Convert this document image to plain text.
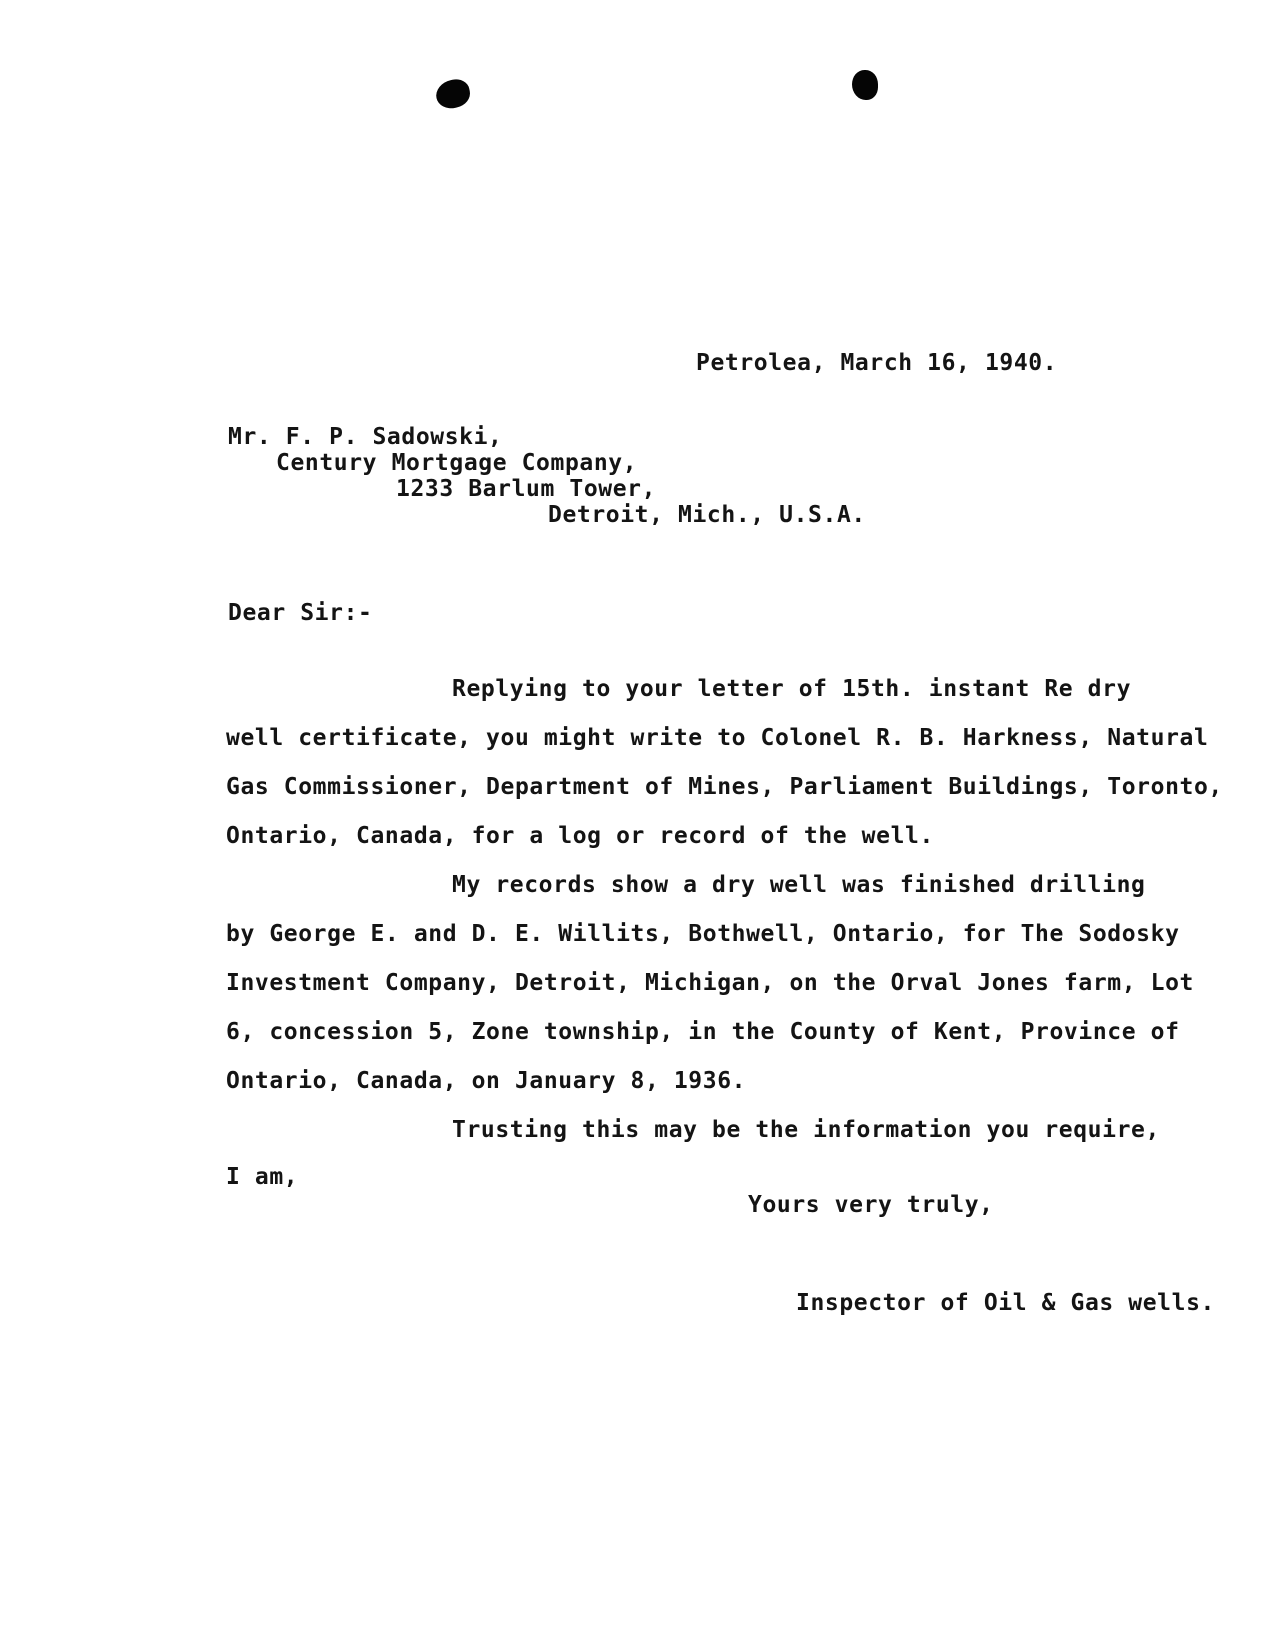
Petrolea, March 16, 1940.
Mr. F. P. Sadowski,
Century Mortgage Company,
1233 Barlum Tower,
Detroit, Mich., U.S.A.
Dear Sir:-
Replying to your letter of 15th. instant Re dry
well certificate, you might write to Colonel R. B. Harkness, Natural
Gas Commissioner, Department of Mines, Parliament Buildings, Toronto,
Ontario, Canada, for a log or record of the well.
My records show a dry well was finished drilling
by George E. and D. E. Willits, Bothwell, Ontario, for The Sodosky
Investment Company, Detroit, Michigan, on the Orval Jones farm, Lot
6, concession 5, Zone township, in the County of Kent, Province of
Ontario, Canada, on January 8, 1936.
Trusting this may be the information you require,
I am,
Yours very truly,
Inspector of Oil & Gas wells.
